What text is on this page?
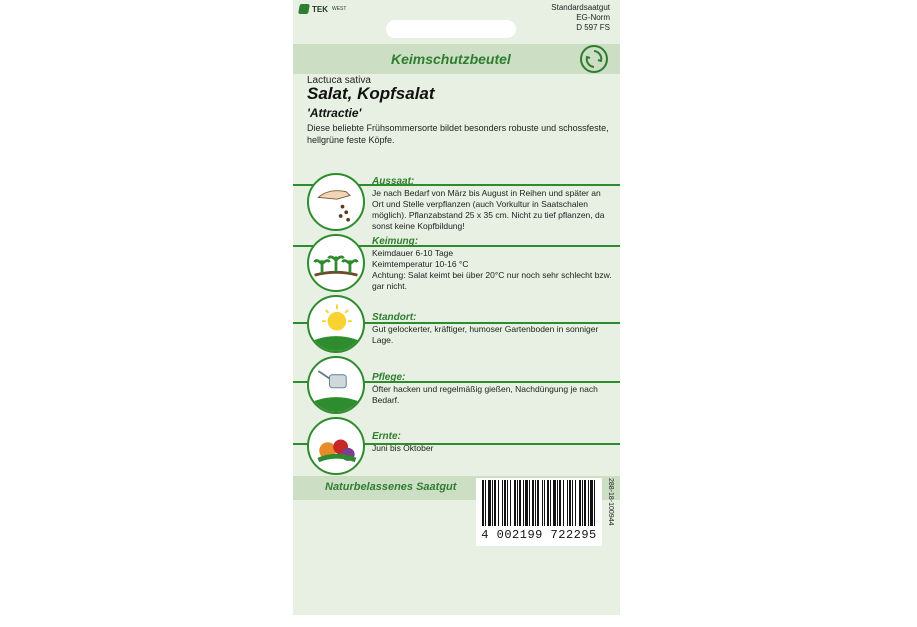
TEK WEST	Standardsaatgut
EG-Norm
D 597 FS
Keimschutzbeutel
Lactuca sativa
Salat, Kopfsalat
'Attractie'
Diese beliebte Frühsommersorte bildet besonders robuste und schossfeste, hellgrüne feste Köpfe.
Aussaat:
Je nach Bedarf von März bis August in Reihen und später an Ort und Stelle verpflanzen (auch Vorkultur in Saatschalen möglich). Pflanzabstand 25 x 35 cm. Nicht zu tief pflanzen, da sonst keine Kopfbildung!
Keimung:
Keimdauer 6-10 Tage
Keimtemperatur 10-16 °C
Achtung: Salat keimt bei über 20°C nur noch sehr schlecht bzw. gar nicht.
Standort:
Gut gelockerter, kräftiger, humoser Gartenboden in sonniger Lage.
Pflege:
Öfter hacken und regelmäßig gießen, Nachdüngung je nach Bedarf.
Ernte:
Juni bis Oktober
Naturbelassenes Saatgut
4 002199 722295
288-18-100944
